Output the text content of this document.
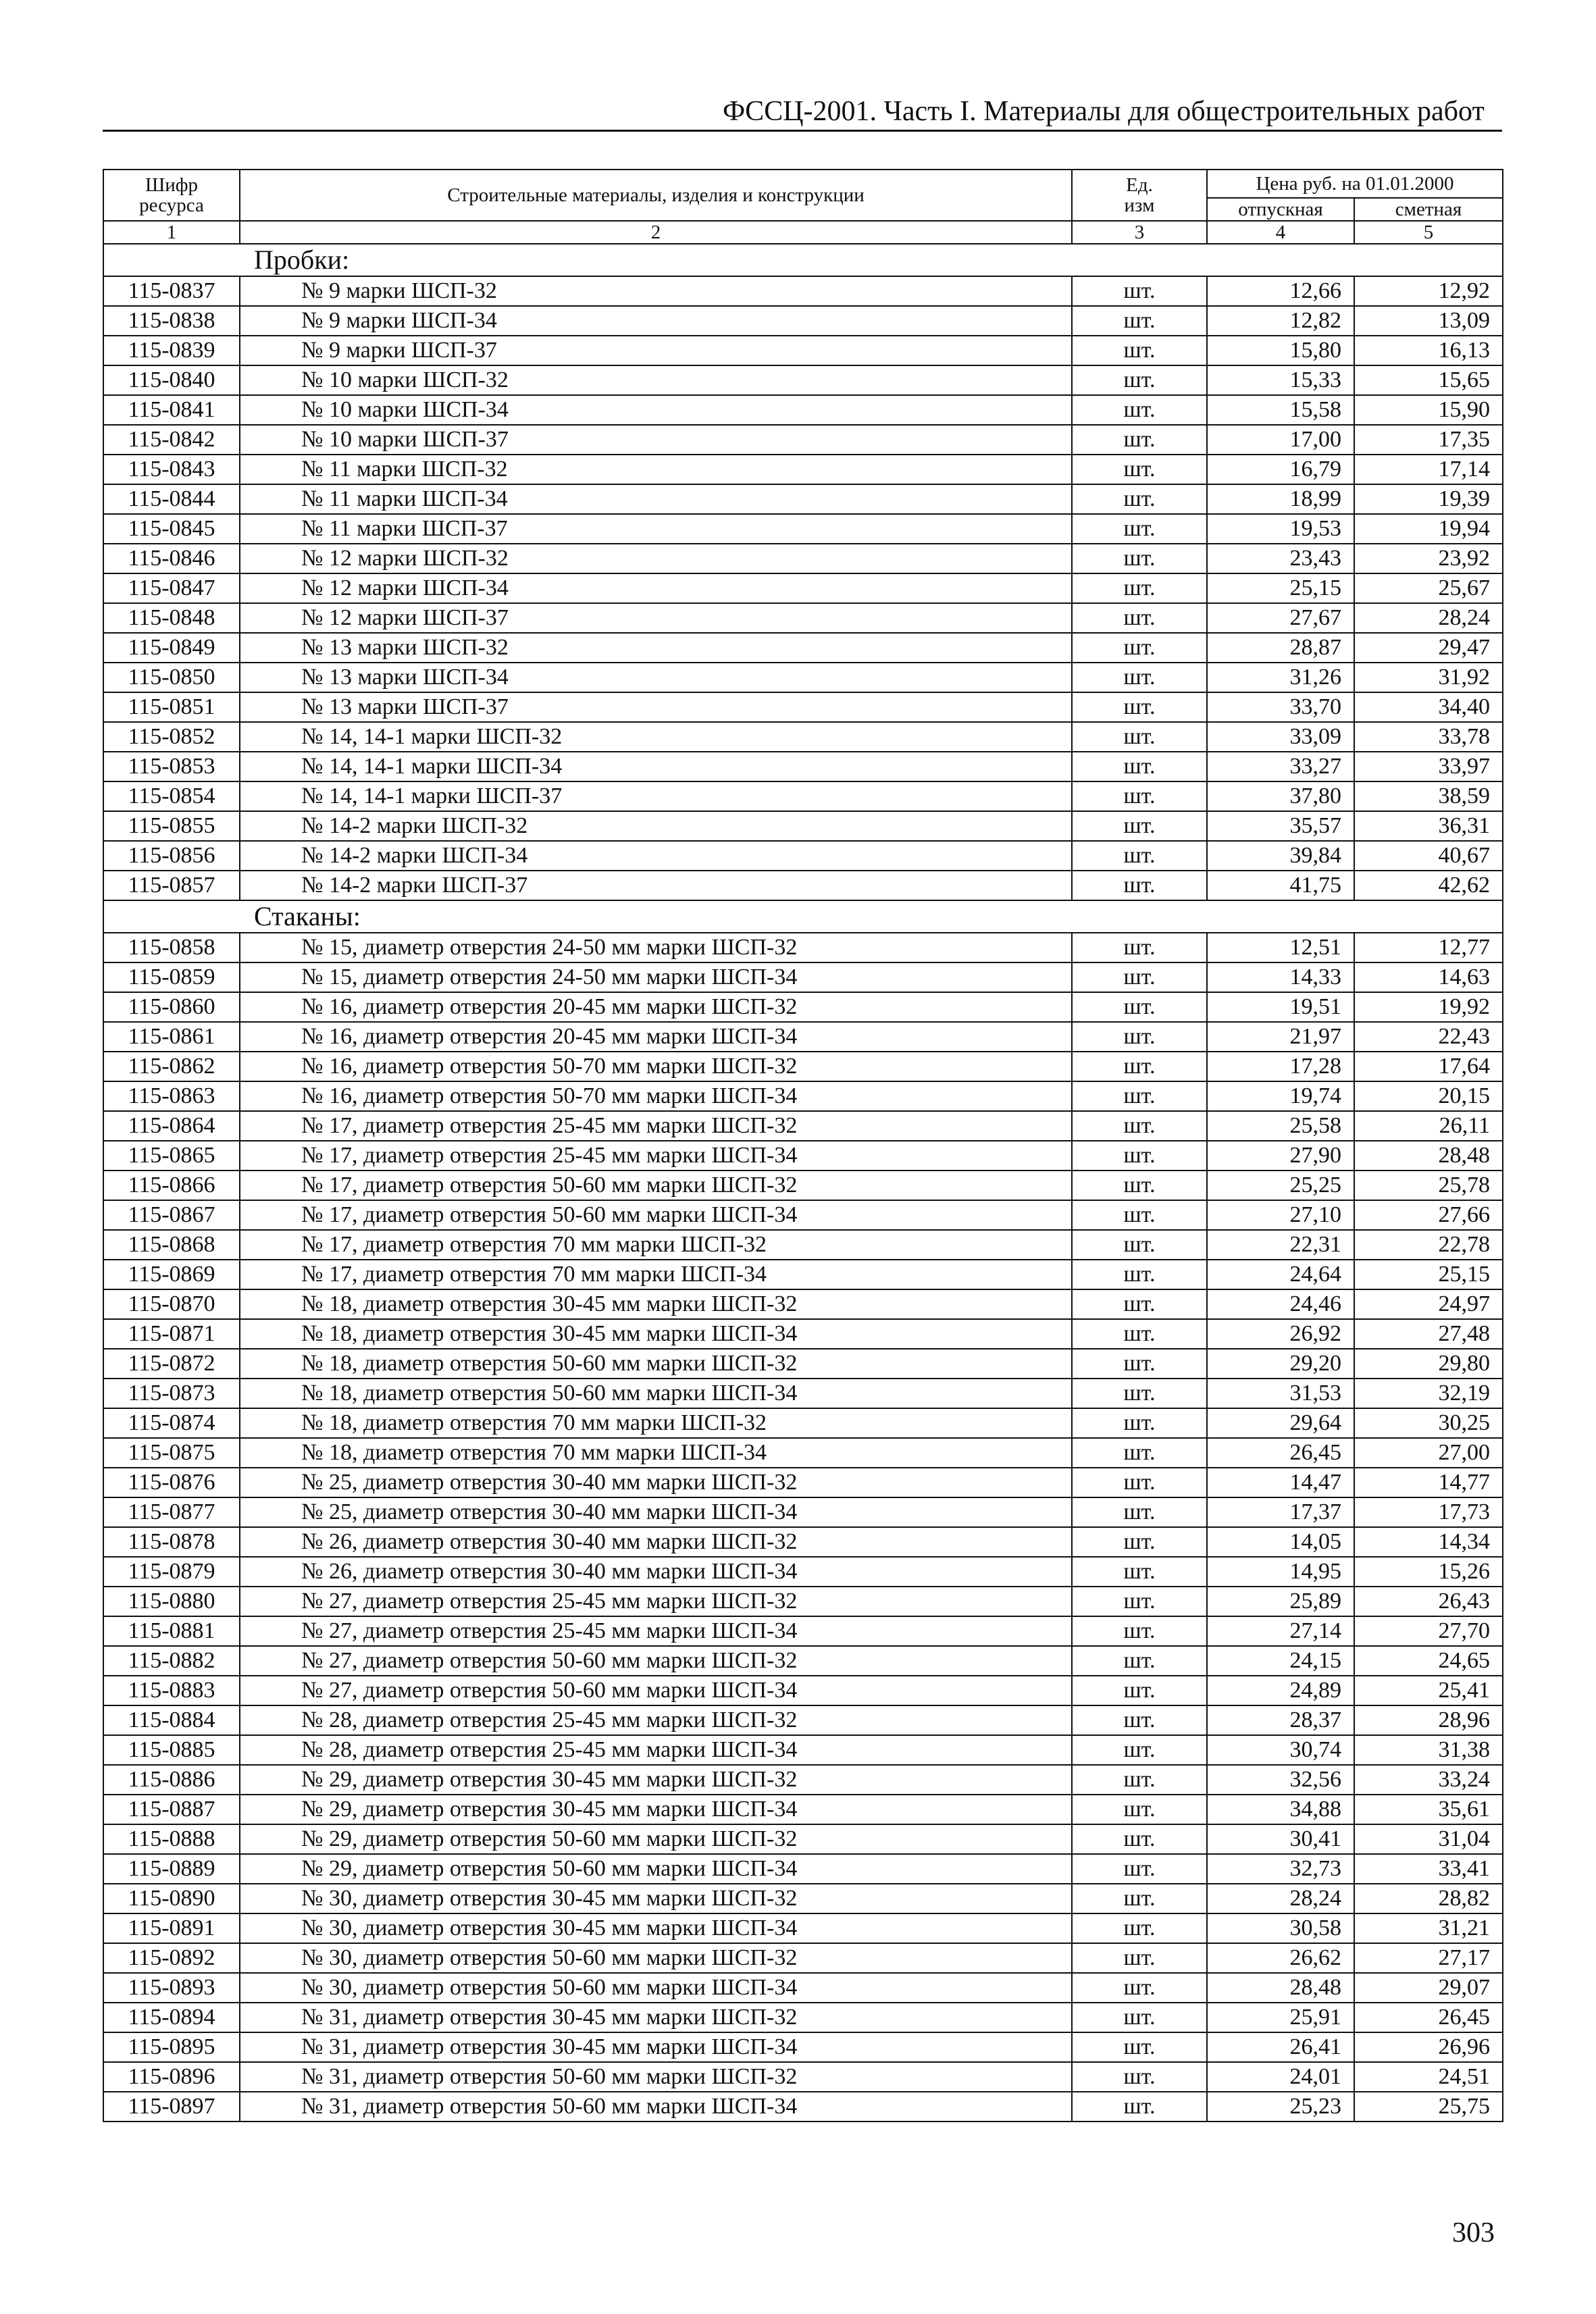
ФССЦ-2001. Часть I. Материалы для общестроительных работ
Шифр ресурса	Строительные материалы, изделия и конструкции	Ед. изм	Цена руб. на 01.01.2000	
			отпускная	сметная
1	2	3	4	5
Пробки:				
115-0837	№ 9 марки ШСП-32	шт.	12,66	12,92
115-0838	№ 9 марки ШСП-34	шт.	12,82	13,09
115-0839	№ 9 марки ШСП-37	шт.	15,80	16,13
115-0840	№ 10 марки ШСП-32	шт.	15,33	15,65
115-0841	№ 10 марки ШСП-34	шт.	15,58	15,90
115-0842	№ 10 марки ШСП-37	шт.	17,00	17,35
115-0843	№ 11 марки ШСП-32	шт.	16,79	17,14
115-0844	№ 11 марки ШСП-34	шт.	18,99	19,39
115-0845	№ 11 марки ШСП-37	шт.	19,53	19,94
115-0846	№ 12 марки ШСП-32	шт.	23,43	23,92
115-0847	№ 12 марки ШСП-34	шт.	25,15	25,67
115-0848	№ 12 марки ШСП-37	шт.	27,67	28,24
115-0849	№ 13 марки ШСП-32	шт.	28,87	29,47
115-0850	№ 13 марки ШСП-34	шт.	31,26	31,92
115-0851	№ 13 марки ШСП-37	шт.	33,70	34,40
115-0852	№ 14, 14-1 марки ШСП-32	шт.	33,09	33,78
115-0853	№ 14, 14-1 марки ШСП-34	шт.	33,27	33,97
115-0854	№ 14, 14-1 марки ШСП-37	шт.	37,80	38,59
115-0855	№ 14-2 марки ШСП-32	шт.	35,57	36,31
115-0856	№ 14-2 марки ШСП-34	шт.	39,84	40,67
115-0857	№ 14-2 марки ШСП-37	шт.	41,75	42,62
Стаканы:				
115-0858	№ 15, диаметр отверстия 24-50 мм марки ШСП-32	шт.	12,51	12,77
115-0859	№ 15, диаметр отверстия 24-50 мм марки ШСП-34	шт.	14,33	14,63
115-0860	№ 16, диаметр отверстия 20-45 мм марки ШСП-32	шт.	19,51	19,92
115-0861	№ 16, диаметр отверстия 20-45 мм марки ШСП-34	шт.	21,97	22,43
115-0862	№ 16, диаметр отверстия 50-70 мм марки ШСП-32	шт.	17,28	17,64
115-0863	№ 16, диаметр отверстия 50-70 мм марки ШСП-34	шт.	19,74	20,15
115-0864	№ 17, диаметр отверстия 25-45 мм марки ШСП-32	шт.	25,58	26,11
115-0865	№ 17, диаметр отверстия 25-45 мм марки ШСП-34	шт.	27,90	28,48
115-0866	№ 17, диаметр отверстия 50-60 мм марки ШСП-32	шт.	25,25	25,78
115-0867	№ 17, диаметр отверстия 50-60 мм марки ШСП-34	шт.	27,10	27,66
115-0868	№ 17, диаметр отверстия 70 мм марки ШСП-32	шт.	22,31	22,78
115-0869	№ 17, диаметр отверстия 70 мм марки ШСП-34	шт.	24,64	25,15
115-0870	№ 18, диаметр отверстия 30-45 мм марки ШСП-32	шт.	24,46	24,97
115-0871	№ 18, диаметр отверстия 30-45 мм марки ШСП-34	шт.	26,92	27,48
115-0872	№ 18, диаметр отверстия 50-60 мм марки ШСП-32	шт.	29,20	29,80
115-0873	№ 18, диаметр отверстия 50-60 мм марки ШСП-34	шт.	31,53	32,19
115-0874	№ 18, диаметр отверстия 70 мм марки ШСП-32	шт.	29,64	30,25
115-0875	№ 18, диаметр отверстия 70 мм марки ШСП-34	шт.	26,45	27,00
115-0876	№ 25, диаметр отверстия 30-40 мм марки ШСП-32	шт.	14,47	14,77
115-0877	№ 25, диаметр отверстия 30-40 мм марки ШСП-34	шт.	17,37	17,73
115-0878	№ 26, диаметр отверстия 30-40 мм марки ШСП-32	шт.	14,05	14,34
115-0879	№ 26, диаметр отверстия 30-40 мм марки ШСП-34	шт.	14,95	15,26
115-0880	№ 27, диаметр отверстия 25-45 мм марки ШСП-32	шт.	25,89	26,43
115-0881	№ 27, диаметр отверстия 25-45 мм марки ШСП-34	шт.	27,14	27,70
115-0882	№ 27, диаметр отверстия 50-60 мм марки ШСП-32	шт.	24,15	24,65
115-0883	№ 27, диаметр отверстия 50-60 мм марки ШСП-34	шт.	24,89	25,41
115-0884	№ 28, диаметр отверстия 25-45 мм марки ШСП-32	шт.	28,37	28,96
115-0885	№ 28, диаметр отверстия 25-45 мм марки ШСП-34	шт.	30,74	31,38
115-0886	№ 29, диаметр отверстия 30-45 мм марки ШСП-32	шт.	32,56	33,24
115-0887	№ 29, диаметр отверстия 30-45 мм марки ШСП-34	шт.	34,88	35,61
115-0888	№ 29, диаметр отверстия 50-60 мм марки ШСП-32	шт.	30,41	31,04
115-0889	№ 29, диаметр отверстия 50-60 мм марки ШСП-34	шт.	32,73	33,41
115-0890	№ 30, диаметр отверстия 30-45 мм марки ШСП-32	шт.	28,24	28,82
115-0891	№ 30, диаметр отверстия 30-45 мм марки ШСП-34	шт.	30,58	31,21
115-0892	№ 30, диаметр отверстия 50-60 мм марки ШСП-32	шт.	26,62	27,17
115-0893	№ 30, диаметр отверстия 50-60 мм марки ШСП-34	шт.	28,48	29,07
115-0894	№ 31, диаметр отверстия 30-45 мм марки ШСП-32	шт.	25,91	26,45
115-0895	№ 31, диаметр отверстия 30-45 мм марки ШСП-34	шт.	26,41	26,96
115-0896	№ 31, диаметр отверстия 50-60 мм марки ШСП-32	шт.	24,01	24,51
115-0897	№ 31, диаметр отверстия 50-60 мм марки ШСП-34	шт.	25,23	25,75
303
